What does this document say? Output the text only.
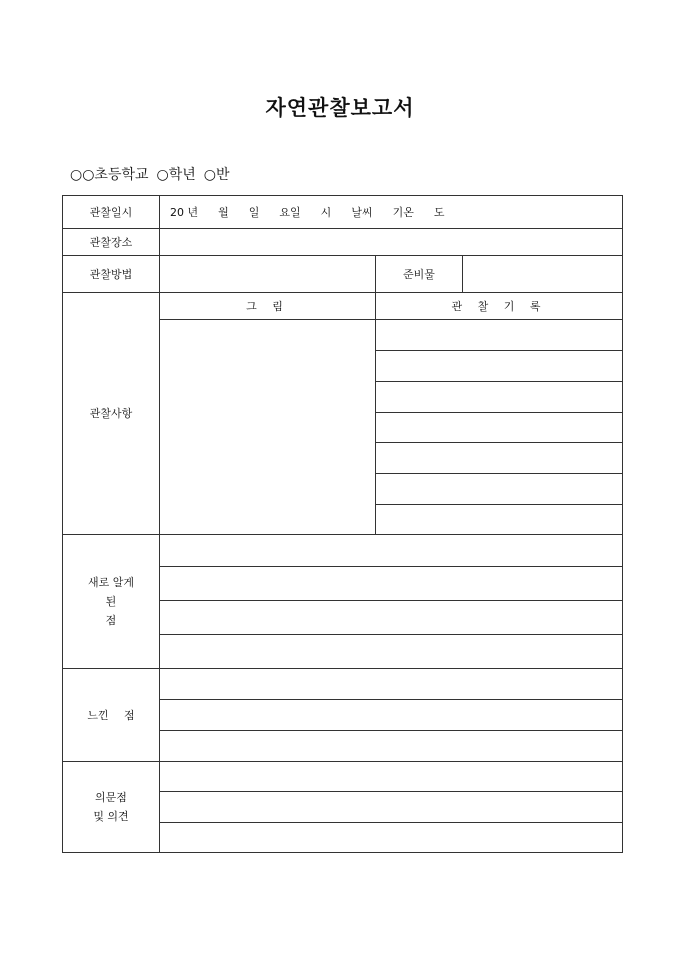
자연관찰보고서
○○초등학교 ○학년 ○반
관찰일시	20 년 월 일 요일 시 날씨 기온 도		

관찰장소			
관찰방법		준비물	
관찰사항	그 림	관 찰 기 록	

새로 알게
된 점			

느낀 점			

의문점
및 의견			
